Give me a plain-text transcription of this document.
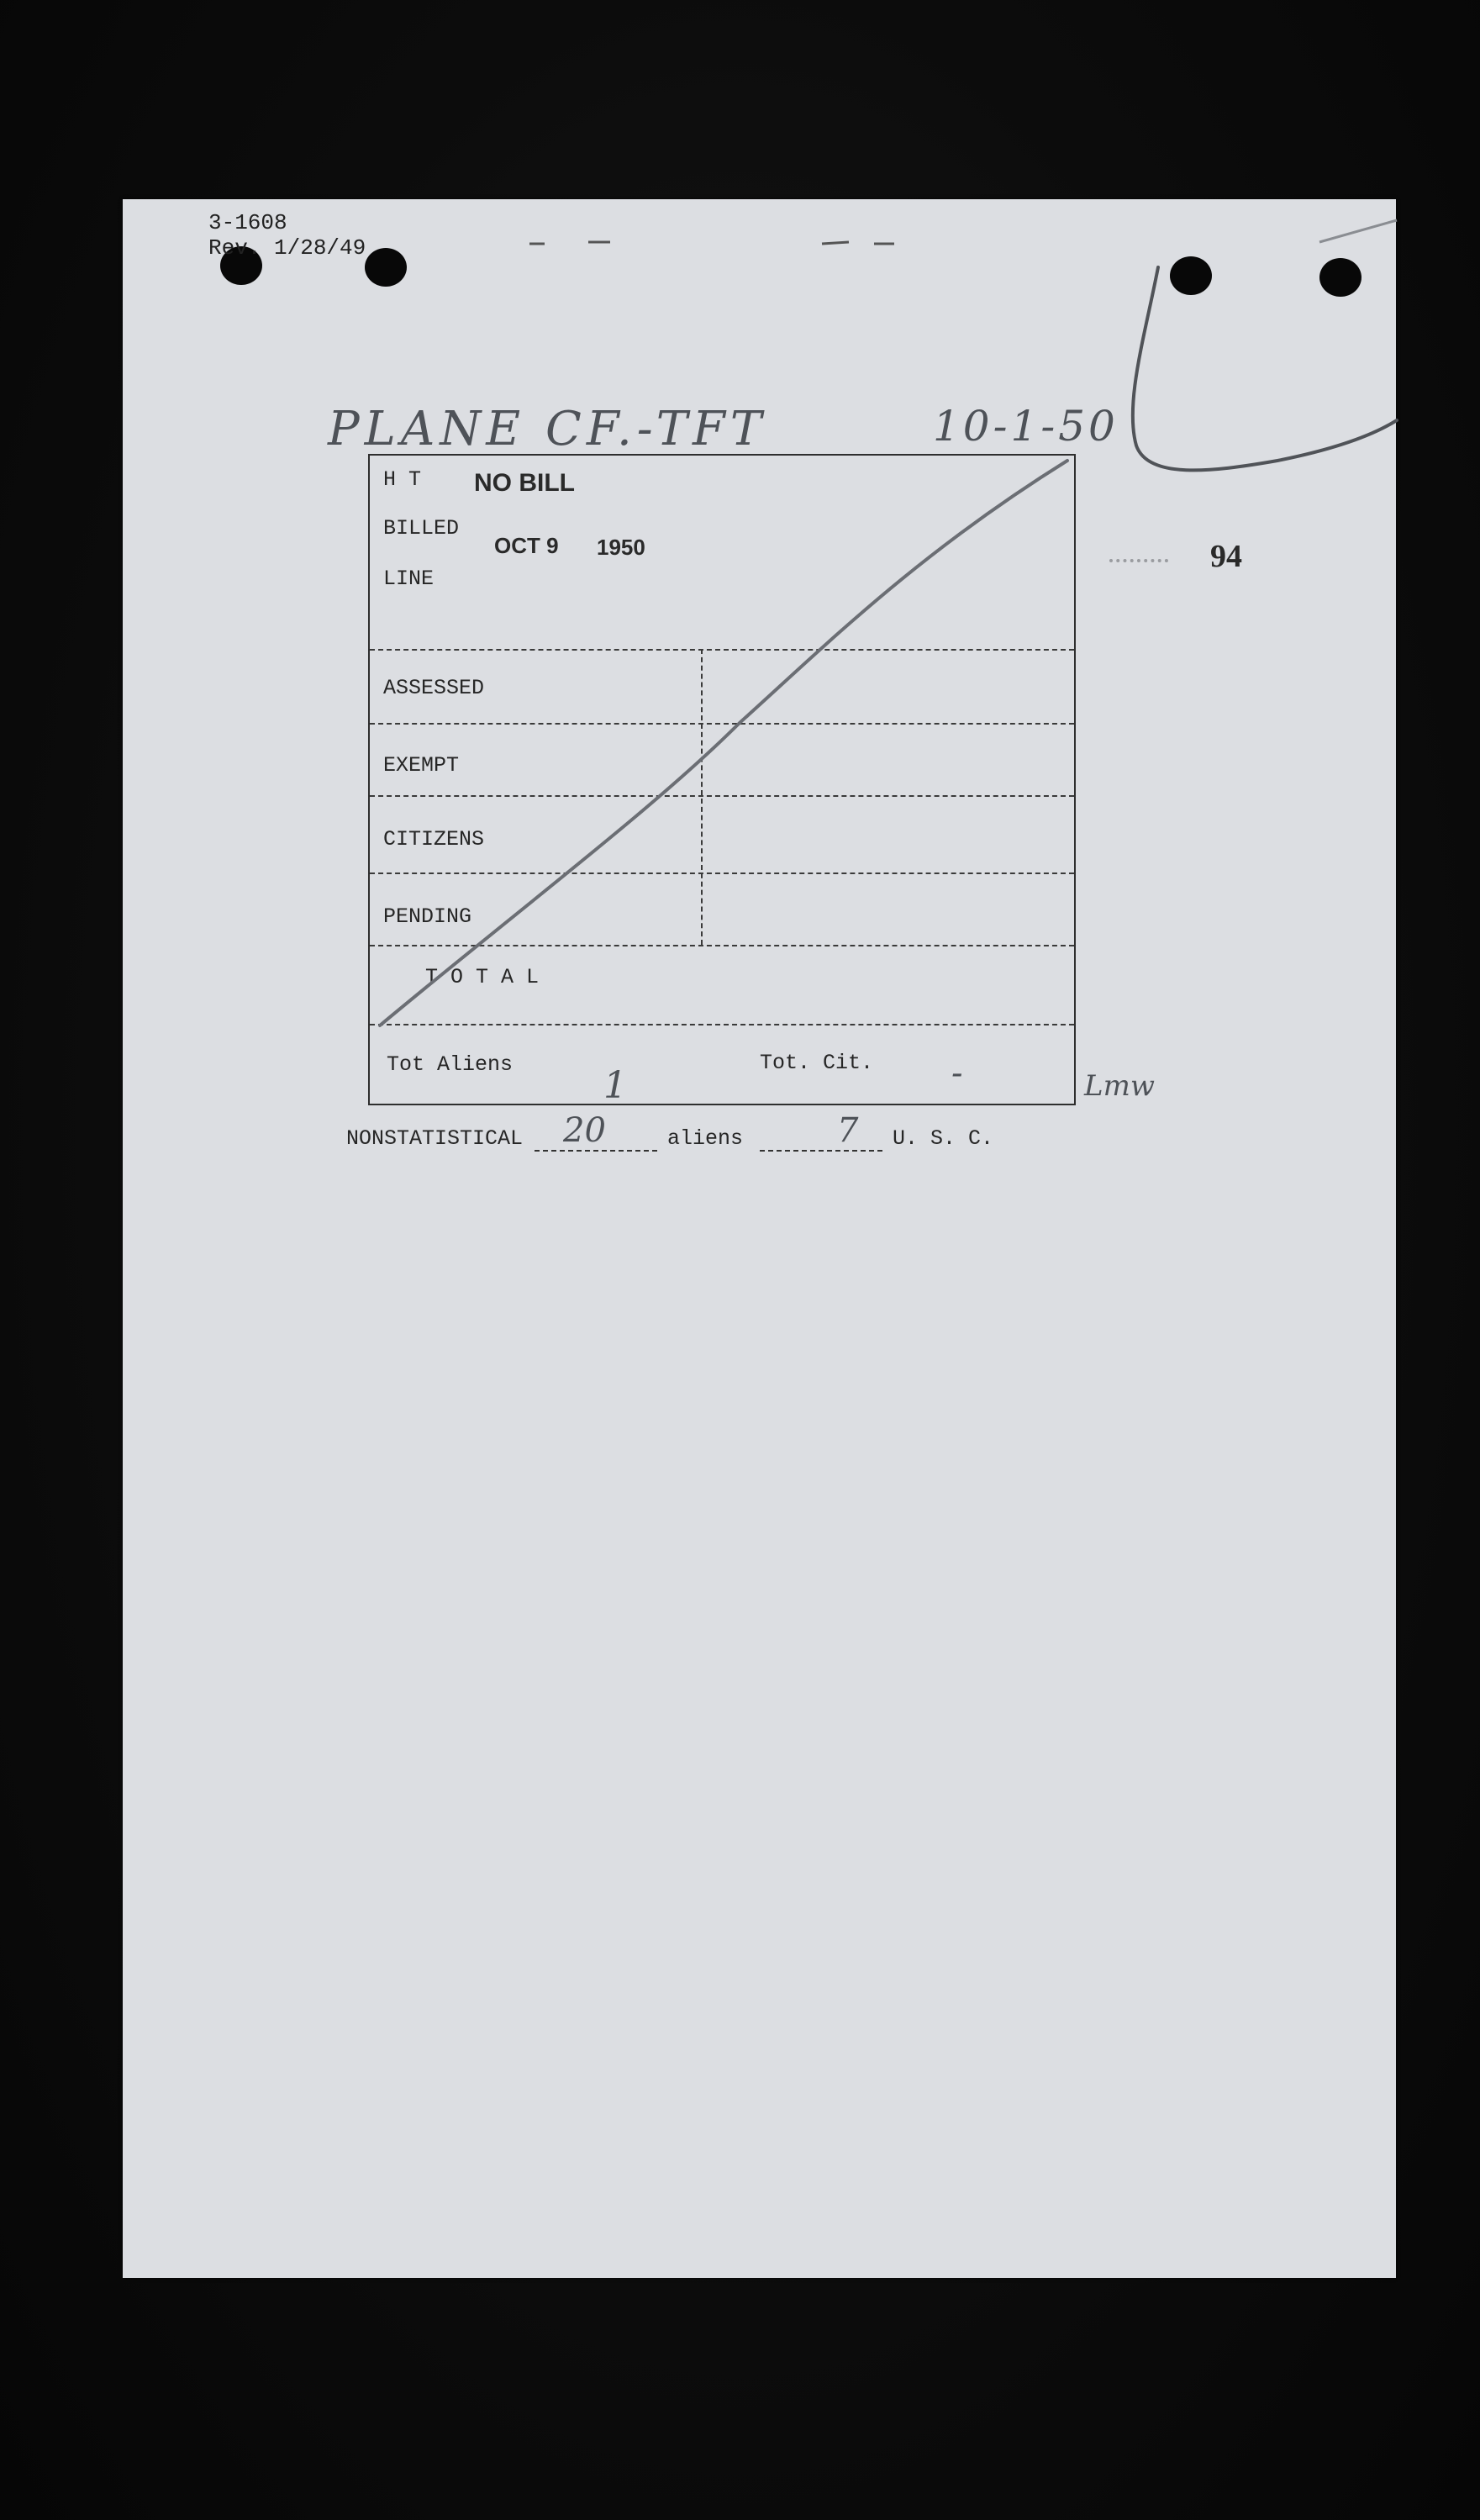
3-1608
Rev. 1/28/49
PLANE CF.-TFT	10-1-50
94
H T
BILLED
LINE
NO BILL
OCT 9 1950
ASSESSED
EXEMPT
CITIZENS
PENDING
T O T A L
Tot Aliens	Tot. Cit.
1	-	Lmw
NONSTATISTICAL 20	aliens	7 U. S. C.
